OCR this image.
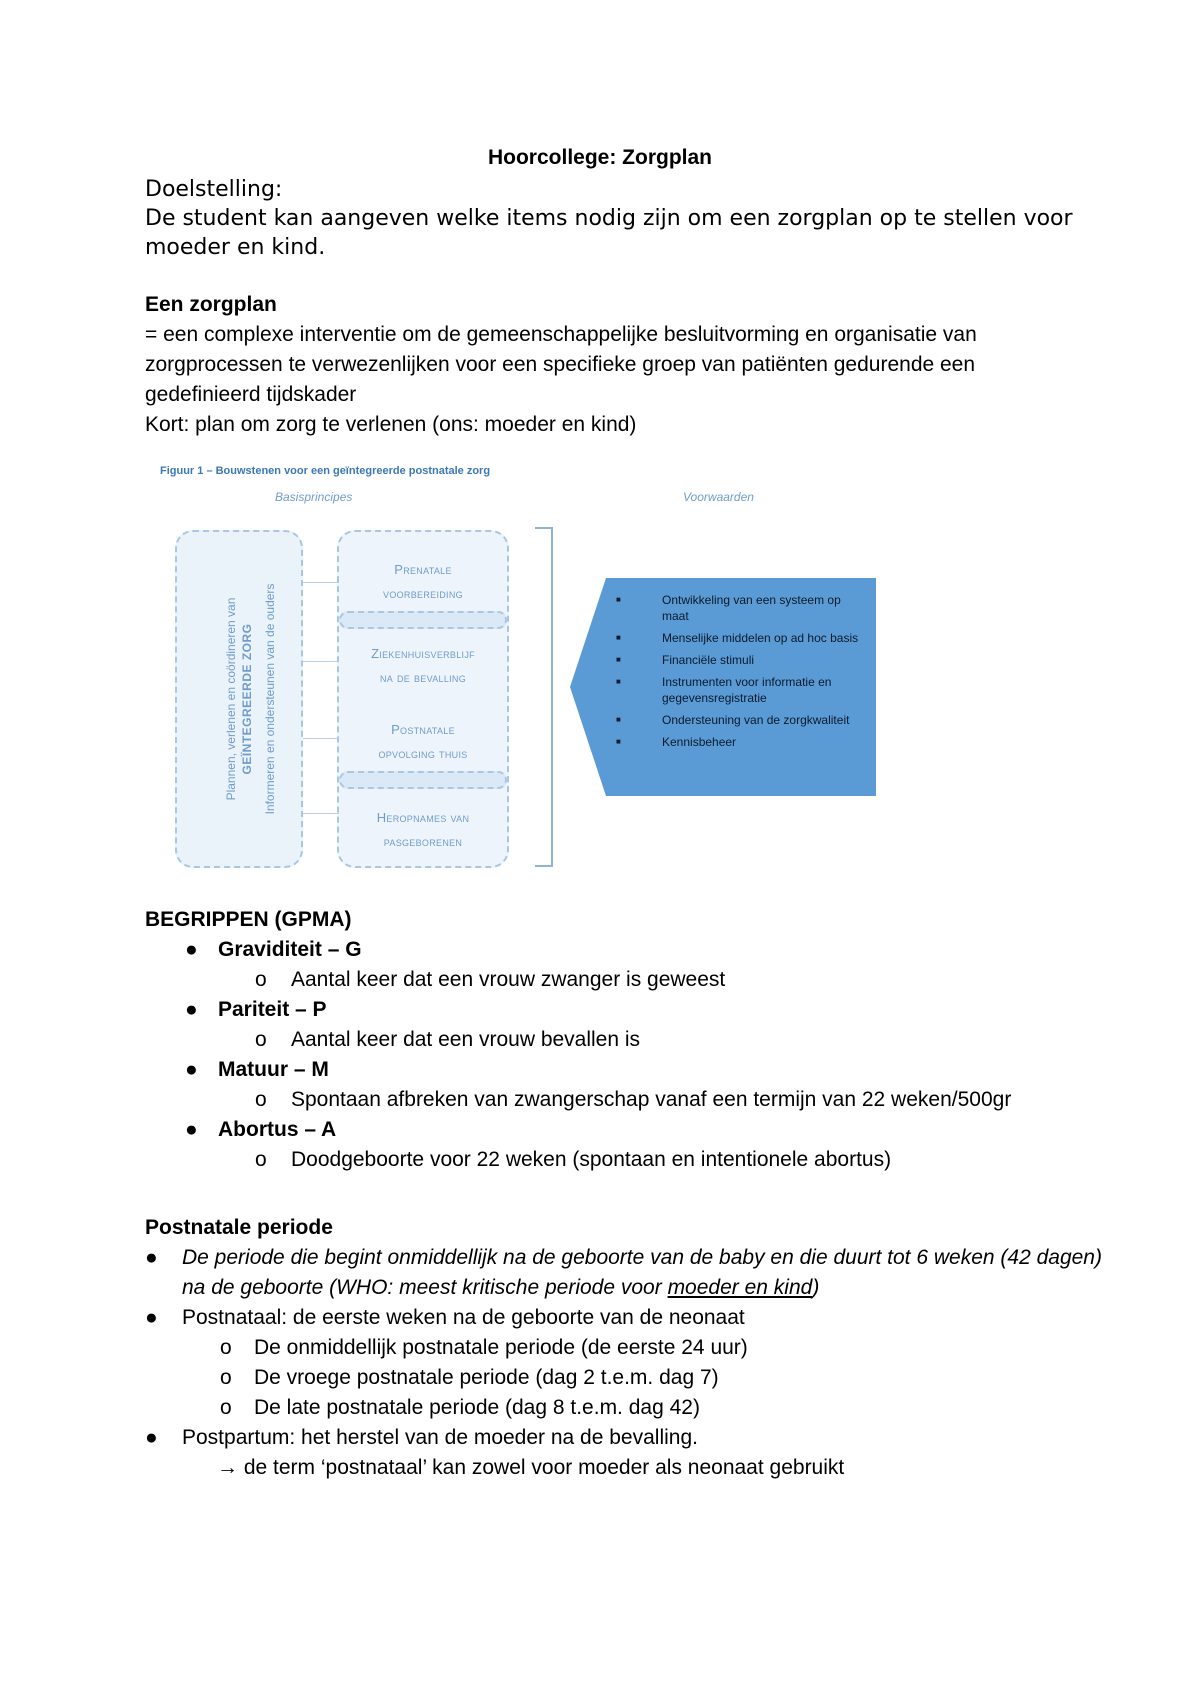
Hoorcollege: Zorgplan
Doelstelling:
De student kan aangeven welke items nodig zijn om een zorgplan op te stellen voor moeder en kind.
Een zorgplan
= een complexe interventie om de gemeenschappelijke besluitvorming en organisatie van zorgprocessen te verwezenlijken voor een specifieke groep van patiënten gedurende een gedefinieerd tijdskader
Kort: plan om zorg te verlenen (ons: moeder en kind)
Figuur 1 – Bouwstenen voor een geïntegreerde postnatale zorg
Basisprincipes	Voorwaarden
Plannen, verlenen en coördineren van GEÏNTEGREERDE ZORG Informeren en ondersteunen van de ouders
Prenatale
voorbereiding
Ziekenhuisverblijf
na de bevalling
Postnatale
opvolging thuis
Heropnames van
pasgeborenen
■ Ontwikkeling van een systeem op maat
■ Menselijke middelen op ad hoc basis
■ Financiële stimuli
■ Instrumenten voor informatie en gegevensregistratie
■ Ondersteuning van de zorgkwaliteit
■ Kennisbeheer
BEGRIPPEN (GPMA)
● Graviditeit – G
o Aantal keer dat een vrouw zwanger is geweest
● Pariteit – P
o Aantal keer dat een vrouw bevallen is
● Matuur – M
o Spontaan afbreken van zwangerschap vanaf een termijn van 22 weken/500gr
● Abortus – A
o Doodgeboorte voor 22 weken (spontaan en intentionele abortus)
Postnatale periode
● De periode die begint onmiddellijk na de geboorte van de baby en die duurt tot 6 weken (42 dagen) na de geboorte (WHO: meest kritische periode voor moeder en kind)
● Postnataal: de eerste weken na de geboorte van de neonaat
o De onmiddellijk postnatale periode (de eerste 24 uur)
o De vroege postnatale periode (dag 2 t.e.m. dag 7)
o De late postnatale periode (dag 8 t.e.m. dag 42)
● Postpartum: het herstel van de moeder na de bevalling.
→ de term ‘postnataal’ kan zowel voor moeder als neonaat gebruikt
